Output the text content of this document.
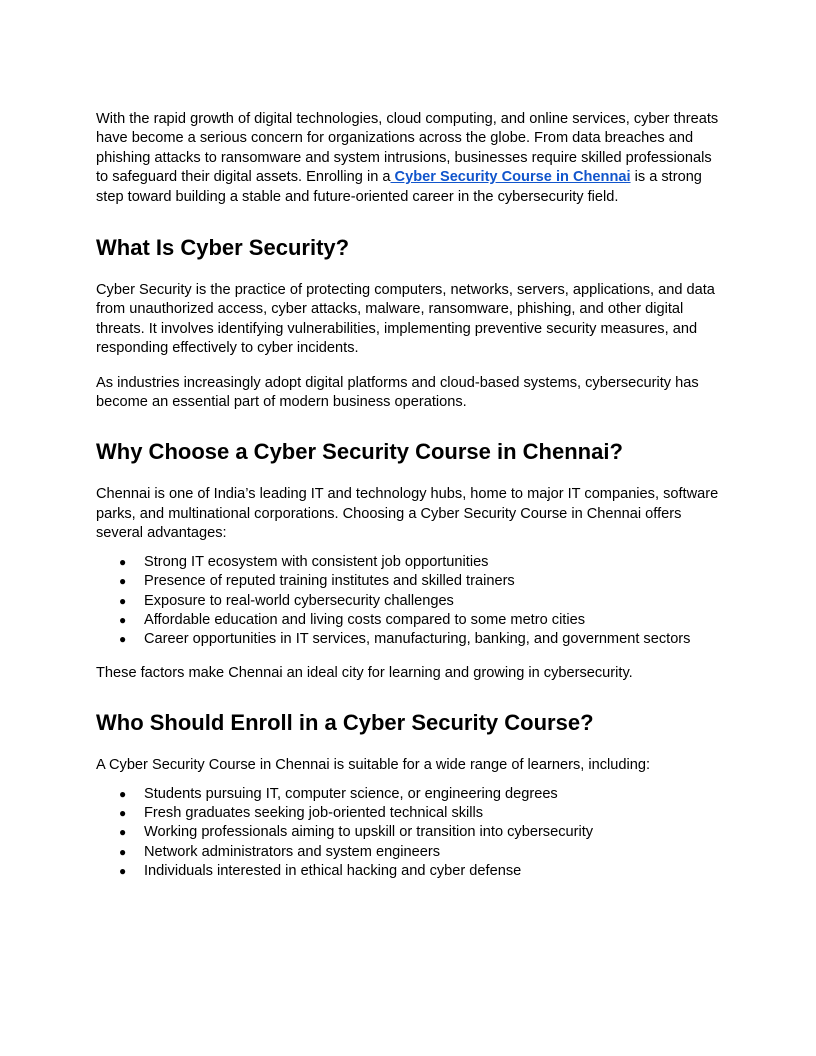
With the rapid growth of digital technologies, cloud computing, and online services, cyber threats have become a serious concern for organizations across the globe. From data breaches and phishing attacks to ransomware and system intrusions, businesses require skilled professionals to safeguard their digital assets. Enrolling in a Cyber Security Course in Chennai is a strong step toward building a stable and future-oriented career in the cybersecurity field.

What Is Cyber Security?

Cyber Security is the practice of protecting computers, networks, servers, applications, and data from unauthorized access, cyber attacks, malware, ransomware, phishing, and other digital threats. It involves identifying vulnerabilities, implementing preventive security measures, and responding effectively to cyber incidents.

As industries increasingly adopt digital platforms and cloud-based systems, cybersecurity has become an essential part of modern business operations.

Why Choose a Cyber Security Course in Chennai?

Chennai is one of India’s leading IT and technology hubs, home to major IT companies, software parks, and multinational corporations. Choosing a Cyber Security Course in Chennai offers several advantages:

● Strong IT ecosystem with consistent job opportunities
● Presence of reputed training institutes and skilled trainers
● Exposure to real-world cybersecurity challenges
● Affordable education and living costs compared to some metro cities
● Career opportunities in IT services, manufacturing, banking, and government sectors

These factors make Chennai an ideal city for learning and growing in cybersecurity.

Who Should Enroll in a Cyber Security Course?

A Cyber Security Course in Chennai is suitable for a wide range of learners, including:

● Students pursuing IT, computer science, or engineering degrees
● Fresh graduates seeking job-oriented technical skills
● Working professionals aiming to upskill or transition into cybersecurity
● Network administrators and system engineers
● Individuals interested in ethical hacking and cyber defense
